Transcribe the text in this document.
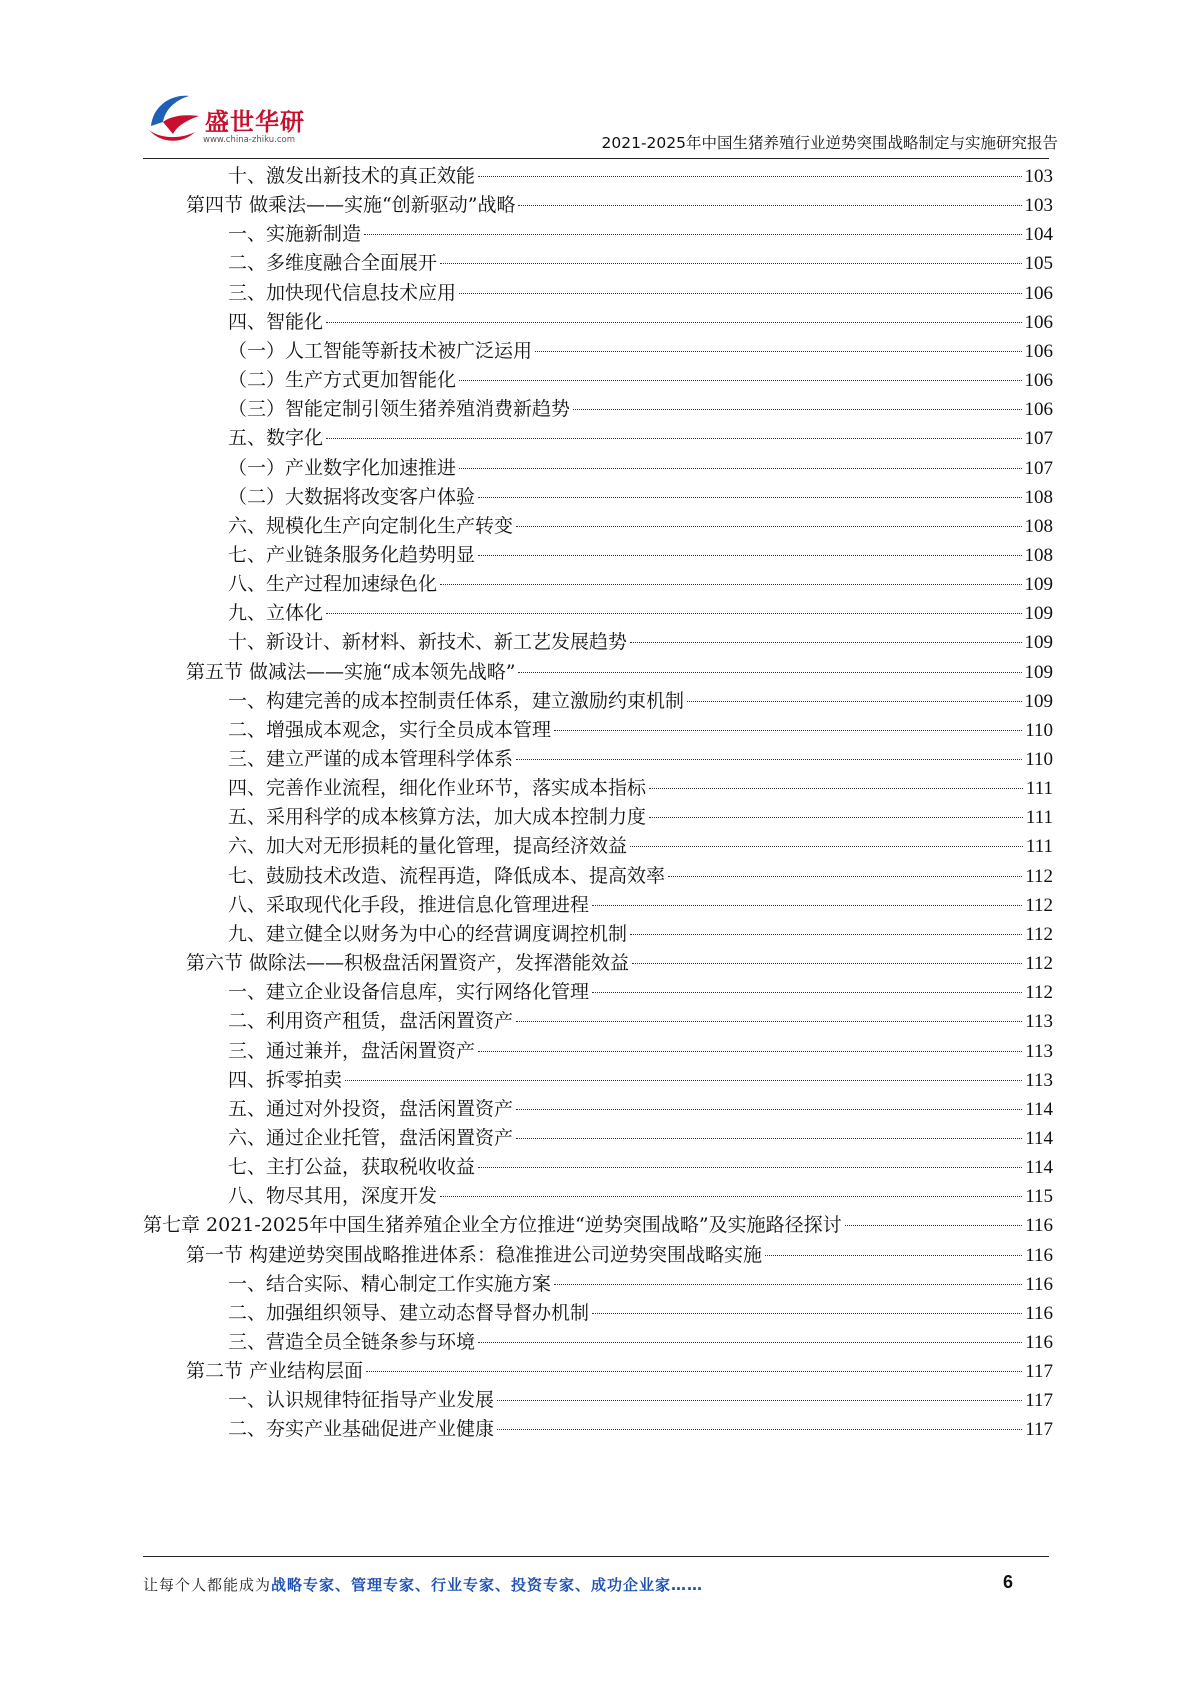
盛世华研
www.china-zhiku.com	2021-2025年中国生猪养殖行业逆势突围战略制定与实施研究报告
十、激发出新技术的真正效能	103
第四节 做乘法——实施“创新驱动”战略	103
一、实施新制造	104
二、多维度融合全面展开	105
三、加快现代信息技术应用	106
四、智能化	106
（一）人工智能等新技术被广泛运用	106
（二）生产方式更加智能化	106
（三）智能定制引领生猪养殖消费新趋势	106
五、数字化	107
（一）产业数字化加速推进	107
（二）大数据将改变客户体验	108
六、规模化生产向定制化生产转变	108
七、产业链条服务化趋势明显	108
八、生产过程加速绿色化	109
九、立体化	109
十、新设计、新材料、新技术、新工艺发展趋势	109
第五节 做减法——实施“成本领先战略”	109
一、构建完善的成本控制责任体系，建立激励约束机制	109
二、增强成本观念，实行全员成本管理	110
三、建立严谨的成本管理科学体系	110
四、完善作业流程，细化作业环节，落实成本指标	111
五、采用科学的成本核算方法，加大成本控制力度	111
六、加大对无形损耗的量化管理，提高经济效益	111
七、鼓励技术改造、流程再造，降低成本、提高效率	112
八、采取现代化手段，推进信息化管理进程	112
九、建立健全以财务为中心的经营调度调控机制	112
第六节 做除法——积极盘活闲置资产，发挥潜能效益	112
一、建立企业设备信息库，实行网络化管理	112
二、利用资产租赁，盘活闲置资产	113
三、通过兼并，盘活闲置资产	113
四、拆零拍卖	113
五、通过对外投资，盘活闲置资产	114
六、通过企业托管，盘活闲置资产	114
七、主打公益，获取税收收益	114
八、物尽其用，深度开发	115
第七章 2021-2025年中国生猪养殖企业全方位推进“逆势突围战略”及实施路径探讨	116
第一节 构建逆势突围战略推进体系：稳准推进公司逆势突围战略实施	116
一、结合实际、精心制定工作实施方案	116
二、加强组织领导、建立动态督导督办机制	116
三、营造全员全链条参与环境	116
第二节 产业结构层面	117
一、认识规律特征指导产业发展	117
二、夯实产业基础促进产业健康	117
让每个人都能成为战略专家、管理专家、行业专家、投资专家、成功企业家……	6
